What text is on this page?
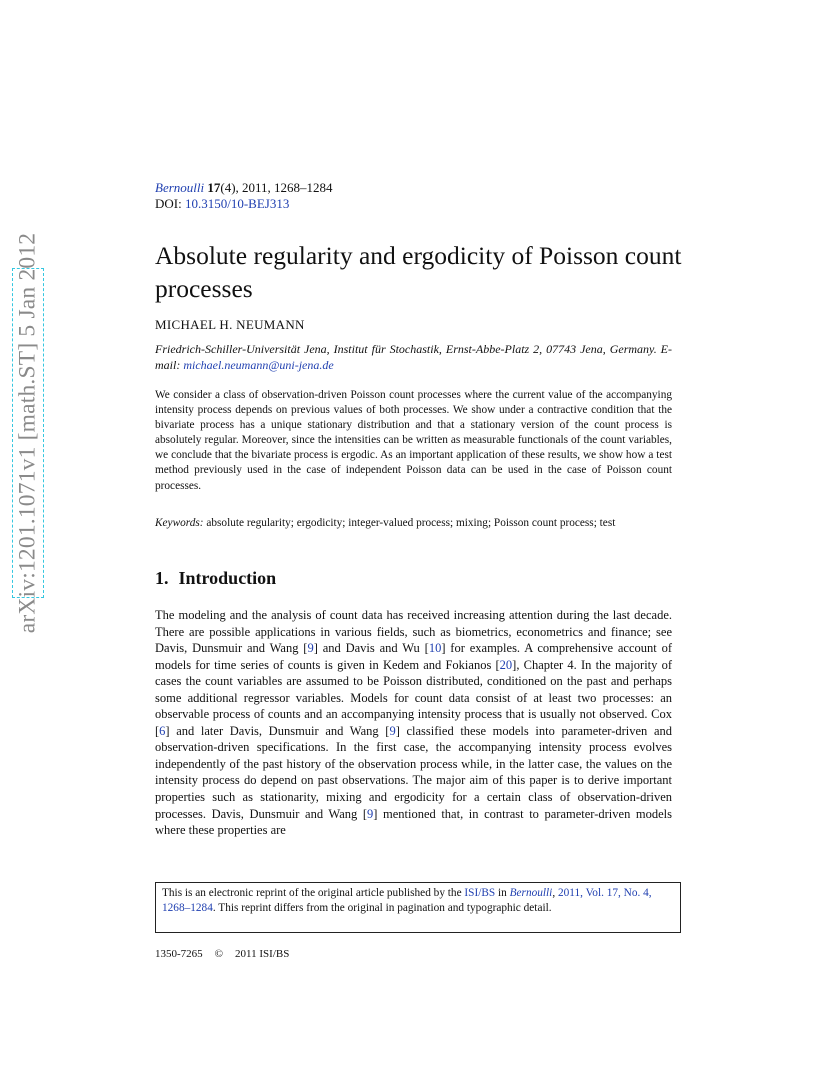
arXiv:1201.1071v1 [math.ST] 5 Jan 2012
Bernoulli 17(4), 2011, 1268–1284
DOI: 10.3150/10-BEJ313
Absolute regularity and ergodicity of Poisson count processes
MICHAEL H. NEUMANN
Friedrich-Schiller-Universität Jena, Institut für Stochastik, Ernst-Abbe-Platz 2, 07743 Jena, Germany. E-mail: michael.neumann@uni-jena.de

We consider a class of observation-driven Poisson count processes where the current value of the accompanying intensity process depends on previous values of both processes. We show under a contractive condition that the bivariate process has a unique stationary distribution and that a stationary version of the count process is absolutely regular. Moreover, since the intensities can be written as measurable functionals of the count variables, we conclude that the bivariate process is ergodic. As an important application of these results, we show how a test method previously used in the case of independent Poisson data can be used in the case of Poisson count processes.

Keywords: absolute regularity; ergodicity; integer-valued process; mixing; Poisson count process; test
1. Introduction

The modeling and the analysis of count data has received increasing attention during the last decade. There are possible applications in various fields, such as biometrics, econometrics and finance; see Davis, Dunsmuir and Wang [9] and Davis and Wu [10] for examples. A comprehensive account of models for time series of counts is given in Kedem and Fokianos [20], Chapter 4. In the majority of cases the count variables are assumed to be Poisson distributed, conditioned on the past and perhaps some additional regressor variables. Models for count data consist of at least two processes: an observable process of counts and an accompanying intensity process that is usually not observed. Cox [6] and later Davis, Dunsmuir and Wang [9] classified these models into parameter-driven and observation-driven specifications. In the first case, the accompanying intensity process evolves independently of the past history of the observation process while, in the latter case, the values on the intensity process do depend on past observations. The major aim of this paper is to derive important properties such as stationarity, mixing and ergodicity for a certain class of observation-driven processes. Davis, Dunsmuir and Wang [9] mentioned that, in contrast to parameter-driven models where these properties are

This is an electronic reprint of the original article published by the ISI/BS in Bernoulli, 2011, Vol. 17, No. 4, 1268–1284. This reprint differs from the original in pagination and typographic detail.
1350-7265 © 2011 ISI/BS
